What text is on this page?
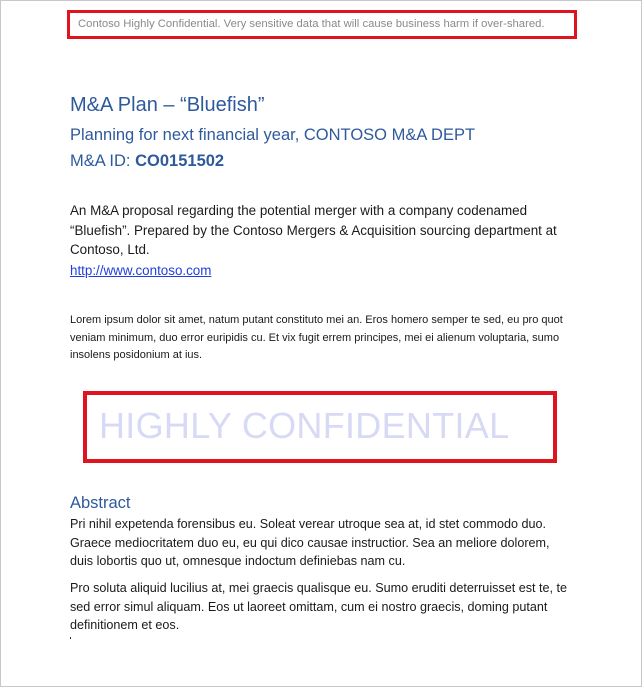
Contoso Highly Confidential. Very sensitive data that will cause business harm if over-shared.
M&A Plan – “Bluefish”
Planning for next financial year, CONTOSO M&A DEPT
M&A ID: CO0151502
An M&A proposal regarding the potential merger with a company codenamed “Bluefish”. Prepared by the Contoso Mergers & Acquisition sourcing department at Contoso, Ltd.
http://www.contoso.com
Lorem ipsum dolor sit amet, natum putant constituto mei an. Eros homero semper te sed, eu pro quot veniam minimum, duo error euripidis cu. Et vix fugit errem principes, mei ei alienum voluptaria, sumo insolens posidonium at ius.
HIGHLY CONFIDENTIAL
Abstract
Pri nihil expetenda forensibus eu. Soleat verear utroque sea at, id stet commodo duo. Graece mediocritatem duo eu, eu qui dico causae instructior. Sea an meliore dolorem, duis lobortis quo ut, omnesque indoctum definiebas nam cu.
Pro soluta aliquid lucilius at, mei graecis qualisque eu. Sumo eruditi deterruisset est te, te sed error simul aliquam. Eos ut laoreet omittam, cum ei nostro graecis, doming putant definitionem et eos.
